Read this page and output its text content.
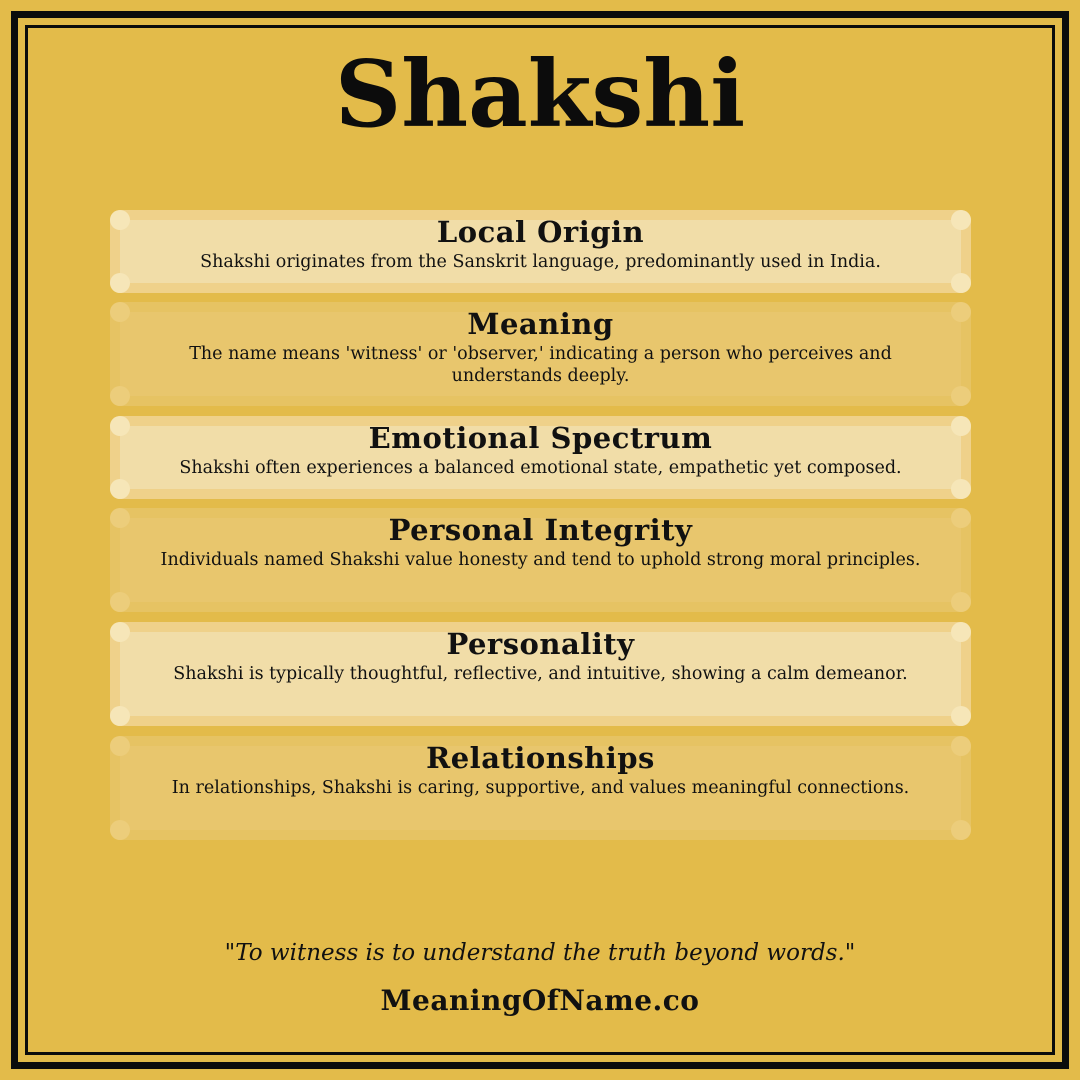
Shakshi
Local Origin
Shakshi originates from the Sanskrit language, predominantly used in India.
Meaning
The name means 'witness' or 'observer,' indicating a person who perceives and understands deeply.
Emotional Spectrum
Shakshi often experiences a balanced emotional state, empathetic yet composed.
Personal Integrity
Individuals named Shakshi value honesty and tend to uphold strong moral principles.
Personality
Shakshi is typically thoughtful, reflective, and intuitive, showing a calm demeanor.
Relationships
In relationships, Shakshi is caring, supportive, and values meaningful connections.
"To witness is to understand the truth beyond words."
MeaningOfName.co
